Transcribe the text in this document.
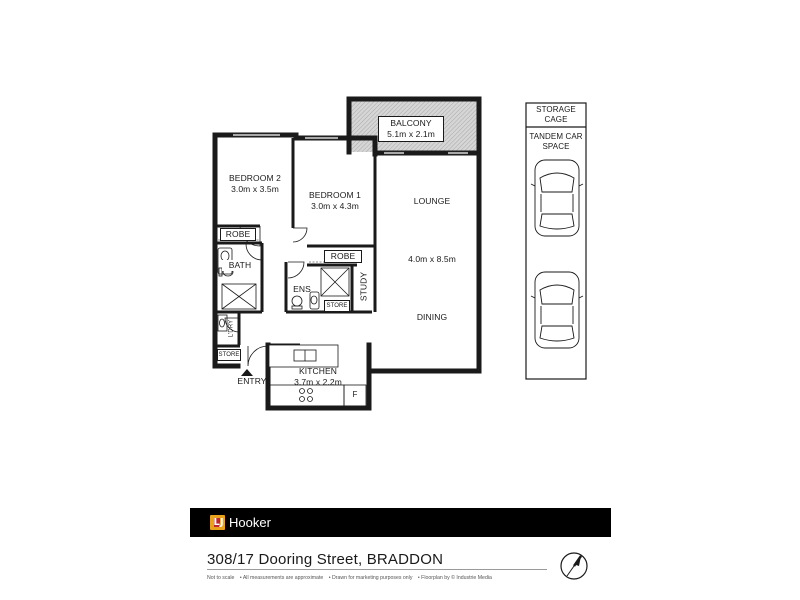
BALCONY
5.1m x 2.1m
BEDROOM 2
3.0m x 3.5m
BEDROOM 1
3.0m x 4.3m	LOUNGE
4.0m x 8.5m
DINING
KITCHEN
3.7m x 2.2m
ROBE
ROBE
BATH
ENS
STORE
STUDY
L'DRY
STORE
ENTRY
F
STORAGE CAGE
TANDEM CAR SPACE
LJ Hooker
308/17 Dooring Street, BRADDON
Not to scale • All measurements are approximate • Drawn for marketing purposes only • Floorplan by © Industrie Media
